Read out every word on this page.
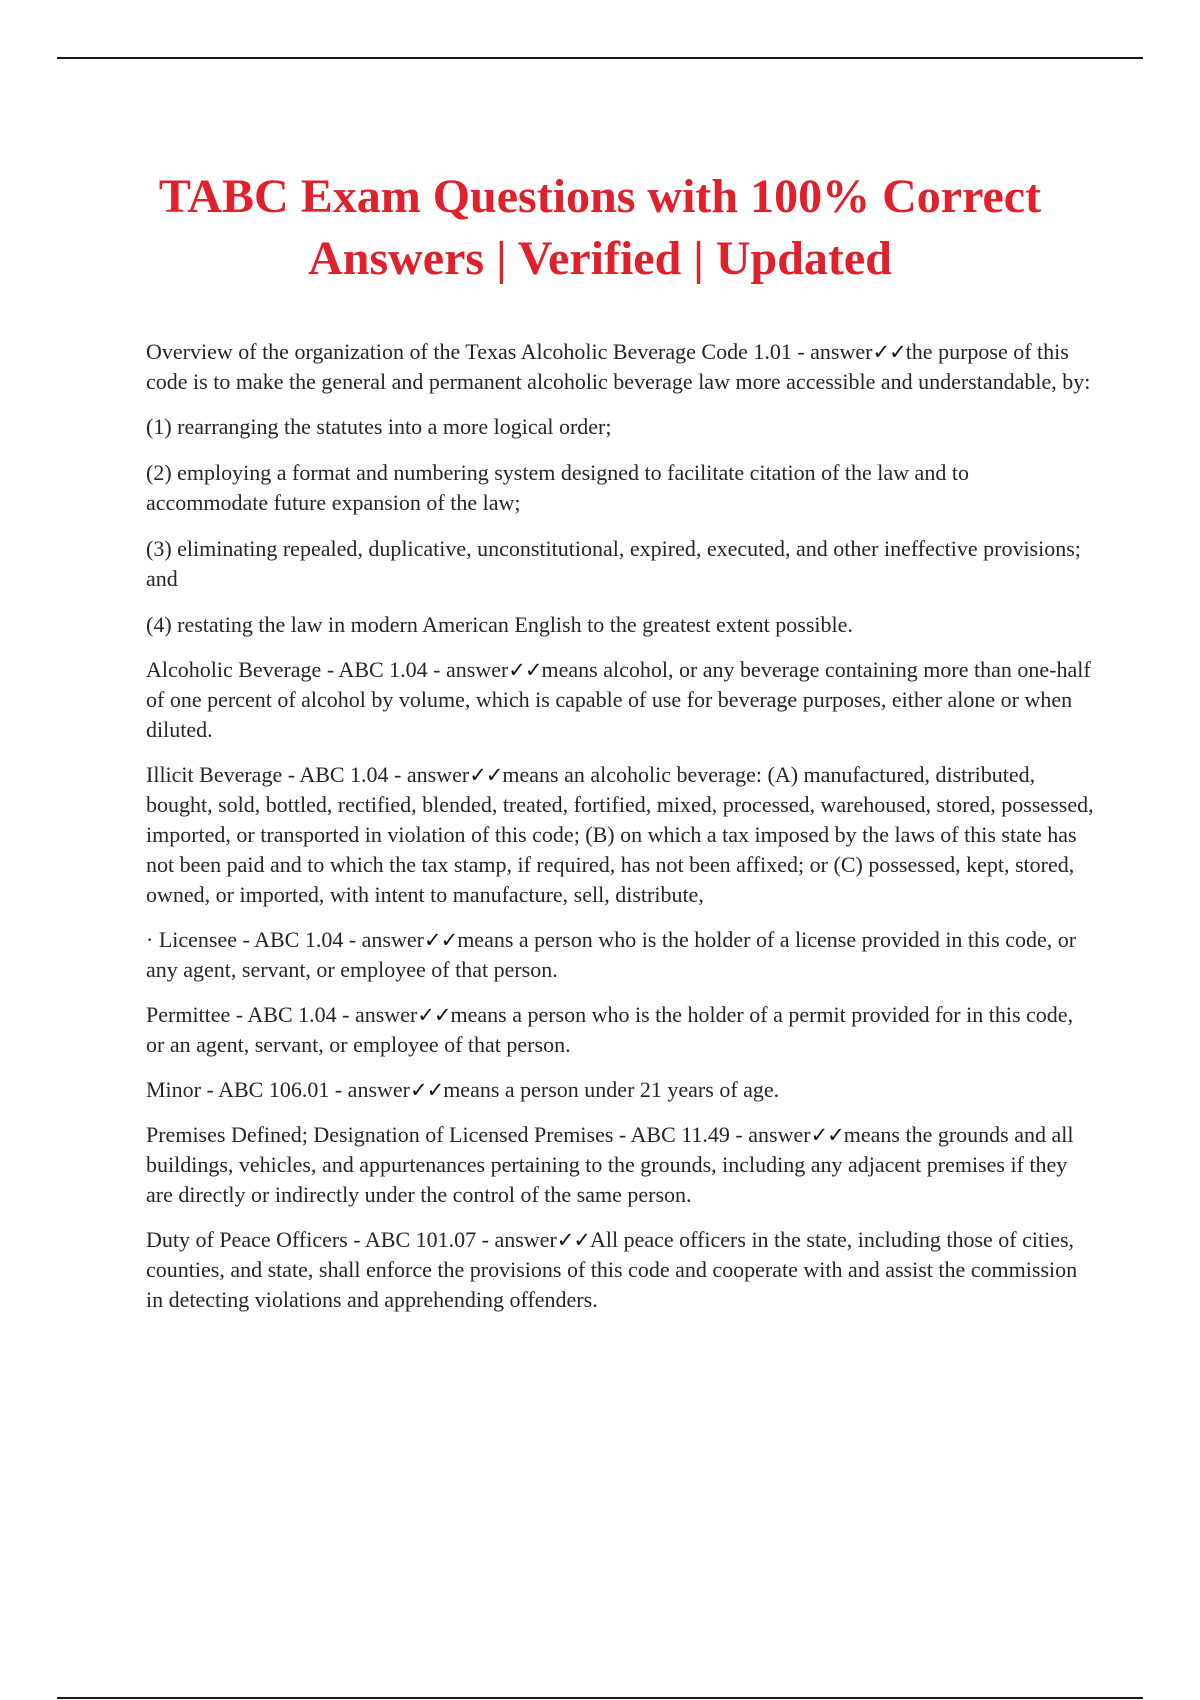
TABC Exam Questions with 100% Correct Answers | Verified | Updated

Overview of the organization of the Texas Alcoholic Beverage Code 1.01 - answer✓✓the purpose of this code is to make the general and permanent alcoholic beverage law more accessible and understandable, by:

(1) rearranging the statutes into a more logical order;

(2) employing a format and numbering system designed to facilitate citation of the law and to accommodate future expansion of the law;

(3) eliminating repealed, duplicative, unconstitutional, expired, executed, and other ineffective provisions; and

(4) restating the law in modern American English to the greatest extent possible.

Alcoholic Beverage - ABC 1.04 - answer✓✓means alcohol, or any beverage containing more than one-half of one percent of alcohol by volume, which is capable of use for beverage purposes, either alone or when diluted.

Illicit Beverage - ABC 1.04 - answer✓✓means an alcoholic beverage: (A) manufactured, distributed, bought, sold, bottled, rectified, blended, treated, fortified, mixed, processed, warehoused, stored, possessed, imported, or transported in violation of this code; (B) on which a tax imposed by the laws of this state has not been paid and to which the tax stamp, if required, has not been affixed; or (C) possessed, kept, stored, owned, or imported, with intent to manufacture, sell, distribute,

· Licensee - ABC 1.04 - answer✓✓means a person who is the holder of a license provided in this code, or any agent, servant, or employee of that person.

Permittee - ABC 1.04 - answer✓✓means a person who is the holder of a permit provided for in this code, or an agent, servant, or employee of that person.

Minor - ABC 106.01 - answer✓✓means a person under 21 years of age.

Premises Defined; Designation of Licensed Premises - ABC 11.49 - answer✓✓means the grounds and all buildings, vehicles, and appurtenances pertaining to the grounds, including any adjacent premises if they are directly or indirectly under the control of the same person.

Duty of Peace Officers - ABC 101.07 - answer✓✓All peace officers in the state, including those of cities, counties, and state, shall enforce the provisions of this code and cooperate with and assist the commission in detecting violations and apprehending offenders.
